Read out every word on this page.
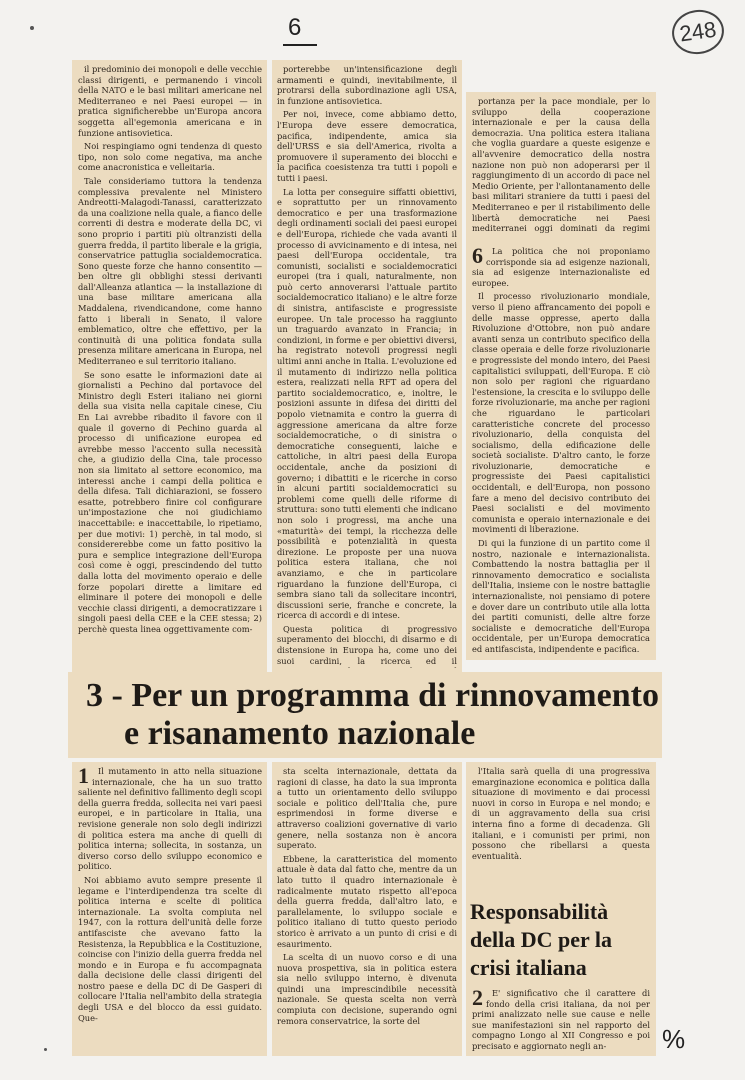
6	248

il predominio dei monopoli e delle vecchie classi dirigenti, e permanendo i vincoli della NATO e le basi militari americane nel Mediterraneo e nei Paesi europei — in pratica significherebbe un'Europa ancora soggetta all'egemonia americana e in funzione antisovietica.

Noi respingiamo ogni tendenza di questo tipo, non solo come negativa, ma anche come anacronistica e velleitaria.

Tale consideriamo tuttora la tendenza complessiva prevalente nel Ministero Andreotti-Malagodi-Tanassi, caratterizzato da una coalizione nella quale, a fianco delle correnti di destra e moderate della DC, vi sono proprio i partiti più oltranzisti della guerra fredda, il partito liberale e la grigia, conservatrice pattuglia socialdemocratica. Sono queste forze che hanno consentito — ben oltre gli obblighi stessi derivanti dall'Alleanza atlantica — la installazione di una base militare americana alla Maddalena, rivendicandone, come hanno fatto i liberali in Senato, il valore emblematico, oltre che effettivo, per la continuità di una politica fondata sulla presenza militare americana in Europa, nel Mediterraneo e sul territorio italiano.

Se sono esatte le informazioni date ai giornalisti a Pechino dal portavoce del Ministro degli Esteri italiano nei giorni della sua visita nella capitale cinese, Ciu En Lai avrebbe ribadito il favore con il quale il governo di Pechino guarda al processo di unificazione europea ed avrebbe messo l'accento sulla necessità che, a giudizio della Cina, tale processo non sia limitato al settore economico, ma interessi anche i campi della politica e della difesa. Tali dichiarazioni, se fossero esatte, potrebbero finire col configurare un'impostazione che noi giudichiamo inaccettabile: e inaccettabile, lo ripetiamo, per due motivi: 1) perchè, in tal modo, si considererebbe come un fatto positivo la pura e semplice integrazione dell'Europa così come è oggi, prescindendo del tutto dalla lotta del movimento operaio e delle forze popolari dirette a limitare ed eliminare il potere dei monopoli e delle vecchie classi dirigenti, a democratizzare i singoli paesi della CEE e la CEE stessa; 2) perchè questa linea oggettivamente com-

porterebbe un'intensificazione degli armamenti e quindi, inevitabilmente, il protrarsi della subordinazione agli USA, in funzione antisovietica.

Per noi, invece, come abbiamo detto, l'Europa deve essere democratica, pacifica, indipendente, amica sia dell'URSS e sia dell'America, rivolta a promuovere il superamento dei blocchi e la pacifica coesistenza tra tutti i popoli e tutti i paesi.

La lotta per conseguire siffatti obiettivi, e soprattutto per un rinnovamento democratico e per una trasformazione degli ordinamenti sociali dei paesi europei e dell'Europa, richiede che vada avanti il processo di avvicinamento e di intesa, nei paesi dell'Europa occidentale, tra comunisti, socialisti e socialdemocratici europei (tra i quali, naturalmente, non può certo annoverarsi l'attuale partito socialdemocratico italiano) e le altre forze di sinistra, antifasciste e progressiste europee. Un tale processo ha raggiunto un traguardo avanzato in Francia; in condizioni, in forme e per obiettivi diversi, ha registrato notevoli progressi negli ultimi anni anche in Italia. L'evoluzione ed il mutamento di indirizzo nella politica estera, realizzati nella RFT ad opera del partito socialdemocratico, e, inoltre, le posizioni assunte in difesa dei diritti del popolo vietnamita e contro la guerra di aggressione americana da altre forze socialdemocratiche, o di sinistra o democratiche conseguenti, laiche e cattoliche, in altri paesi della Europa occidentale, anche da posizioni di governo; i dibattiti e le ricerche in corso in alcuni partiti socialdemocratici su problemi come quelli delle riforme di struttura: sono tutti elementi che indicano non solo i progressi, ma anche una «maturità» dei tempi, la ricchezza delle possibilità e potenzialità in questa direzione. Le proposte per una nuova politica estera italiana, che noi avanziamo, e che in particolare riguardano la funzione dell'Europa, ci sembra siano tali da sollecitare incontri, discussioni serie, franche e concrete, la ricerca di accordi e di intese.

Questa politica di progressivo superamento dei blocchi, di disarmo e di distensione in Europa ha, come uno dei suoi cardini, la ricerca ed il

portanza per la pace mondiale, per lo sviluppo della cooperazione internazionale e per la causa della democrazia. Una politica estera italiana che voglia guardare a queste esigenze e all'avvenire democratico della nostra nazione non può non adoperarsi per il raggiungimento di un accordo di pace nel Medio Oriente, per l'allontanamento delle basi militari straniere da tutti i paesi del Mediterraneo e per il ristabilimento delle libertà democratiche nei Paesi mediterranei oggi dominati da regimi

6	La politica che noi proponiamo corrisponde sia ad esigenze nazionali, sia ad esigenze internazionaliste ed europee.

Il processo rivoluzionario mondiale, verso il pieno affrancamento dei popoli e delle masse oppresse, aperto dalla Rivoluzione d'Ottobre, non può andare avanti senza un contributo specifico della classe operaia e delle forze rivoluzionarie e progressiste del mondo intero, dei Paesi capitalistici sviluppati, dell'Europa. E ciò non solo per ragioni che riguardano l'estensione, la crescita e lo sviluppo delle forze rivoluzionarie, ma anche per ragioni che riguardano le particolari caratteristiche concrete del processo rivoluzionario, della conquista del socialismo, della edificazione delle società socialiste. D'altro canto, le forze rivoluzionarie, democratiche e progressiste dei Paesi capitalistici occidentali, e dell'Europa, non possono fare a meno del decisivo contributo dei Paesi socialisti e del movimento comunista e operaio internazionale e dei movimenti di liberazione.

Di qui la funzione di un partito come il nostro, nazionale e internazionalista. Combattendo la nostra battaglia per il rinnovamento democratico e socialista dell'Italia, insieme con le nostre battaglie internazionaliste, noi pensiamo di potere e dover dare un contributo utile alla lotta dei partiti comunisti, delle altre forze socialiste e democratiche dell'Europa occidentale, per un'Europa democratica ed antifascista, indipendente e pacifica.

3 - Per un programma di rinnovamento
e risanamento nazionale
1	Il mutamento in atto nella situazione internazionale, che ha un suo tratto saliente nel definitivo fallimento degli scopi della guerra fredda, sollecita nei vari paesi europei, e in particolare in Italia, una revisione generale non solo degli indirizzi di politica estera ma anche di quelli di politica interna; sollecita, in sostanza, un diverso corso dello sviluppo economico e politico.

Noi abbiamo avuto sempre presente il legame e l'interdipendenza tra scelte di politica interna e scelte di politica internazionale. La svolta compiuta nel 1947, con la rottura dell'unità delle forze antifasciste che avevano fatto la Resistenza, la Repubblica e la Costituzione, coincise con l'inizio della guerra fredda nel mondo e in Europa e fu accompagnata dalla decisione delle classi dirigenti del nostro paese e della DC di De Gasperi di collocare l'Italia nell'ambito della strategia degli USA e del blocco da essi guidato. Que-

sta scelta internazionale, dettata da ragioni di classe, ha dato la sua impronta a tutto un orientamento dello sviluppo sociale e politico dell'Italia che, pure esprimendosi in forme diverse e attraverso coalizioni governative di vario genere, nella sostanza non è ancora superato.

Ebbene, la caratteristica del momento attuale è data dal fatto che, mentre da un lato tutto il quadro internazionale è radicalmente mutato rispetto all'epoca della guerra fredda, dall'altro lato, e parallelamente, lo sviluppo sociale e politico italiano di tutto questo periodo storico è arrivato a un punto di crisi e di esaurimento.

La scelta di un nuovo corso e di una nuova prospettiva, sia in politica estera sia nello sviluppo interno, è divenuta quindi una imprescindibile necessità nazionale. Se questa scelta non verrà compiuta con decisione, superando ogni remora conservatrice, la sorte del

l'Italia sarà quella di una progressiva emarginazione economica e politica dalla situazione di movimento e dai processi nuovi in corso in Europa e nel mondo; e di un aggravamento della sua crisi interna fino a forme di decadenza. Gli italiani, e i comunisti per primi, non possono che ribellarsi a questa eventualità.

Responsabilità della DC per la crisi italiana
2	E' significativo che il carattere di fondo della crisi italiana, da noi per primi analizzato nelle sue cause e nelle sue manifestazioni sin nel rapporto del compagno Longo al XII Congresso e poi precisato e aggiornato negli an-	%
